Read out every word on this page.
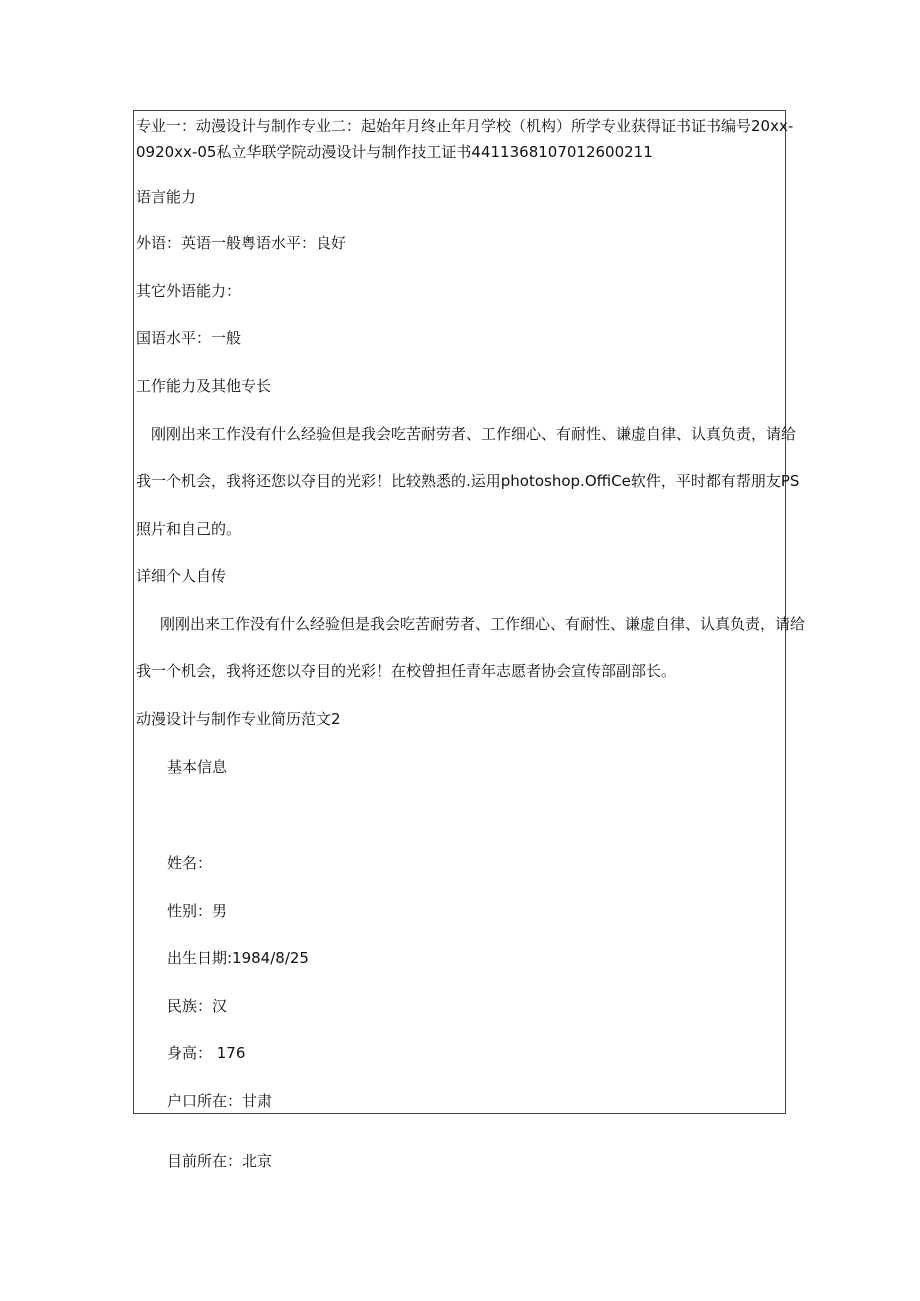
专业一：动漫设计与制作专业二：起始年月终止年月学校（机构）所学专业获得证书证书编号20xx-
0920xx-05私立华联学院动漫设计与制作技工证书4411368107012600211
语言能力
外语：英语一般粤语水平：良好
其它外语能力：
国语水平：一般
工作能力及其他专长
刚刚出来工作没有什么经验但是我会吃苦耐劳者、工作细心、有耐性、谦虚自律、认真负责，请给
我一个机会，我将还您以夺目的光彩！比较熟悉的.运用photoshop.OffiCe软件，平时都有帮朋友PS
照片和自己的。
详细个人自传
刚刚出来工作没有什么经验但是我会吃苦耐劳者、工作细心、有耐性、谦虚自律、认真负责，请给
我一个机会，我将还您以夺目的光彩！在校曾担任青年志愿者协会宣传部副部长。
动漫设计与制作专业简历范文2
基本信息
姓名：
性别：男
出生日期:1984/8/25
民族：汉
身高： 176
户口所在：甘肃
目前所在：北京
